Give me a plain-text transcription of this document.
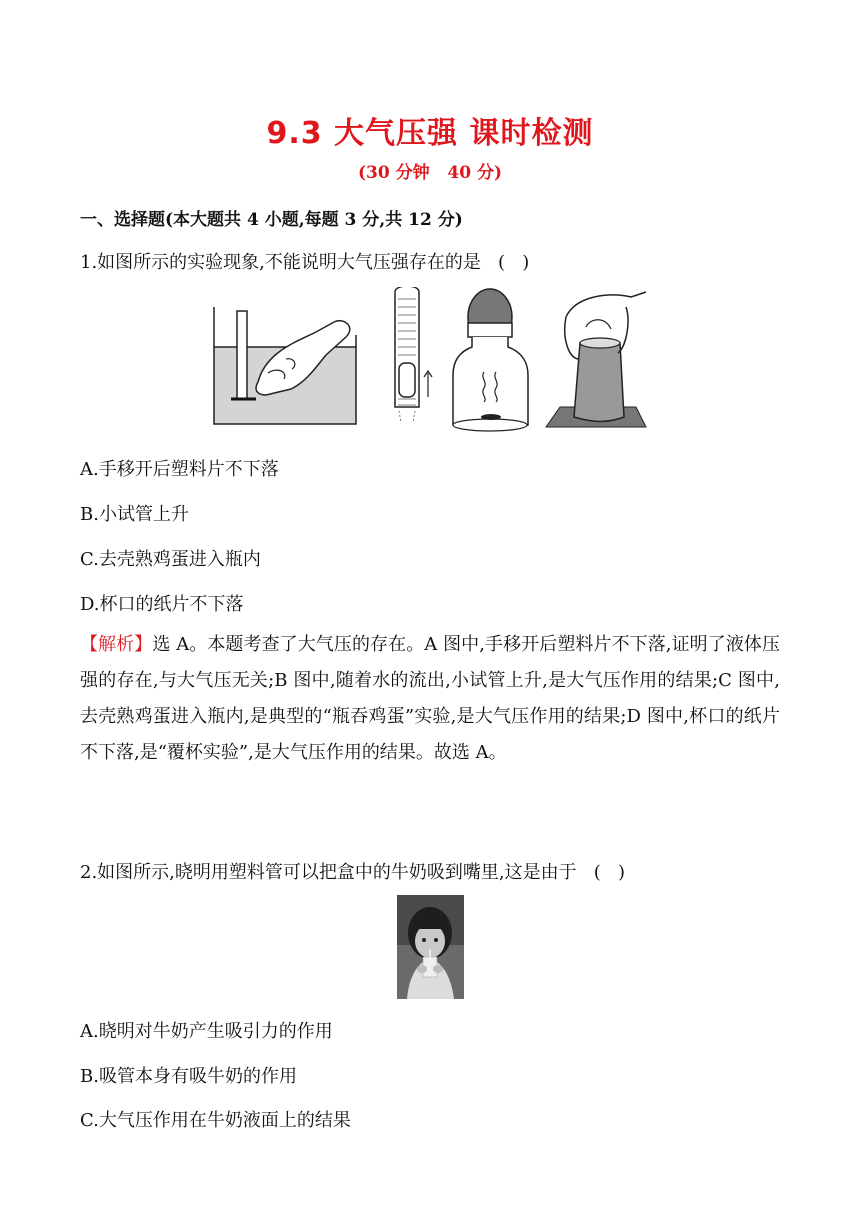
9.3 大气压强 课时检测
(30 分钟   40 分)
一、选择题(本大题共 4 小题,每题 3 分,共 12 分)
1.如图所示的实验现象,不能说明大气压强存在的是   (   )
A.手移开后塑料片不下落
B.小试管上升
C.去壳熟鸡蛋进入瓶内
D.杯口的纸片不下落
【解析】选 A。本题考查了大气压的存在。A 图中,手移开后塑料片不下落,证明了液体压强的存在,与大气压无关;B 图中,随着水的流出,小试管上升,是大气压作用的结果;C 图中,去壳熟鸡蛋进入瓶内,是典型的“瓶吞鸡蛋”实验,是大气压作用的结果;D 图中,杯口的纸片不下落,是“覆杯实验”,是大气压作用的结果。故选 A。
2.如图所示,晓明用塑料管可以把盒中的牛奶吸到嘴里,这是由于   (   )
A.晓明对牛奶产生吸引力的作用
B.吸管本身有吸牛奶的作用
C.大气压作用在牛奶液面上的结果
